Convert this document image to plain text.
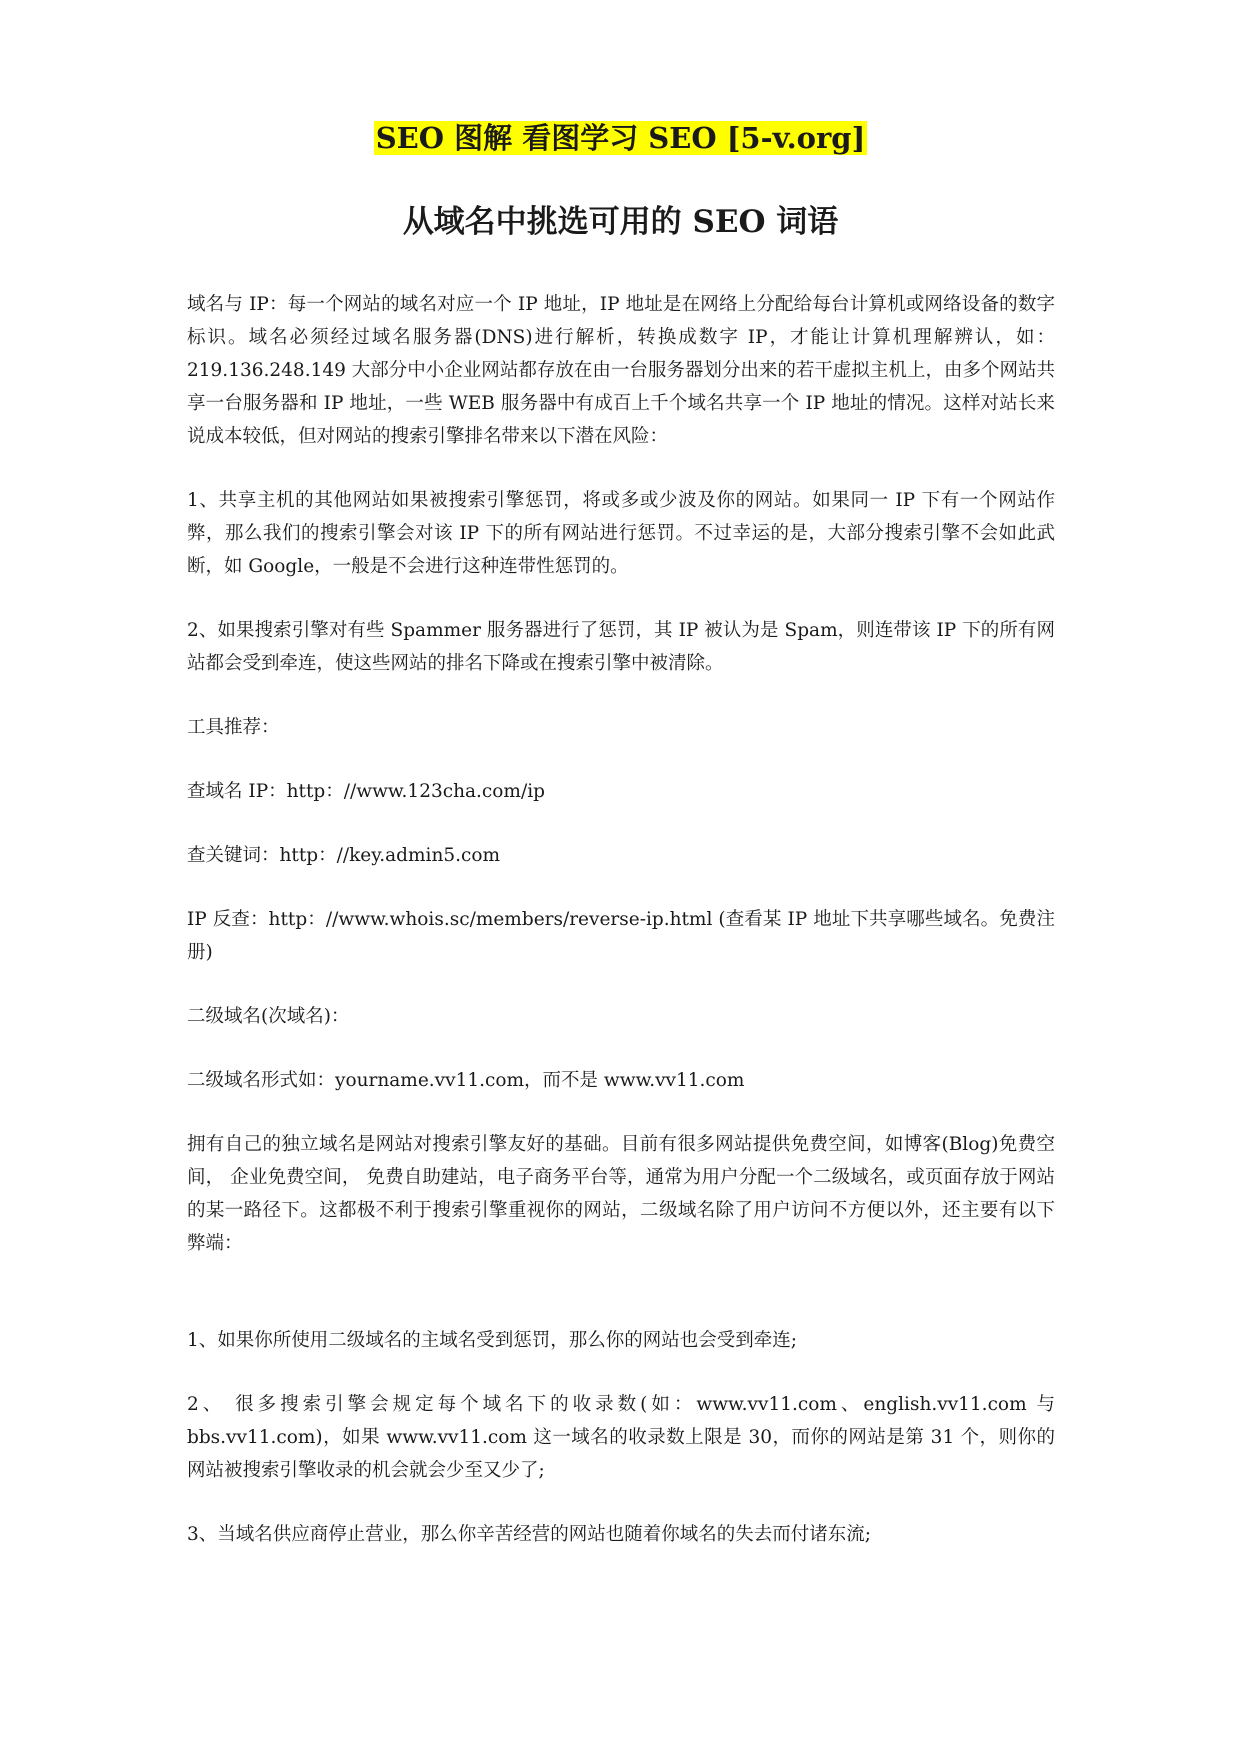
SEO 图解 看图学习 SEO [5-v.org]
从域名中挑选可用的 SEO 词语

域名与 IP：每一个网站的域名对应一个 IP 地址，IP 地址是在网络上分配给每台计算机或网络设备的数字标识。域名必须经过域名服务器(DNS)进行解析，转换成数字 IP，才能让计算机理解辨认，如：219.136.248.149 大部分中小企业网站都存放在由一台服务器划分出来的若干虚拟主机上，由多个网站共享一台服务器和 IP 地址，一些 WEB 服务器中有成百上千个域名共享一个 IP 地址的情况。这样对站长来说成本较低，但对网站的搜索引擎排名带来以下潜在风险：

1、共享主机的其他网站如果被搜索引擎惩罚，将或多或少波及你的网站。如果同一 IP 下有一个网站作弊，那么我们的搜索引擎会对该 IP 下的所有网站进行惩罚。不过幸运的是，大部分搜索引擎不会如此武断，如 Google，一般是不会进行这种连带性惩罚的。

2、如果搜索引擎对有些 Spammer 服务器进行了惩罚，其 IP 被认为是 Spam，则连带该 IP 下的所有网站都会受到牵连，使这些网站的排名下降或在搜索引擎中被清除。

工具推荐：

查域名 IP：http：//www.123cha.com/ip

查关键词：http：//key.admin5.com

IP 反查：http：//www.whois.sc/members/reverse-ip.html (查看某 IP 地址下共享哪些域名。免费注册)

二级域名(次域名)：

二级域名形式如：yourname.vv11.com，而不是 www.vv11.com

拥有自己的独立域名是网站对搜索引擎友好的基础。目前有很多网站提供免费空间，如博客(Blog)免费空间， 企业免费空间， 免费自助建站，电子商务平台等，通常为用户分配一个二级域名，或页面存放于网站的某一路径下。这都极不利于搜索引擎重视你的网站，二级域名除了用户访问不方便以外，还主要有以下弊端：

1、如果你所使用二级域名的主域名受到惩罚，那么你的网站也会受到牵连;

2、 很多搜索引擎会规定每个域名下的收录数(如：www.vv11.com、english.vv11.com 与 bbs.vv11.com)，如果 www.vv11.com 这一域名的收录数上限是 30，而你的网站是第 31 个，则你的网站被搜索引擎收录的机会就会少至又少了;

3、当域名供应商停止营业，那么你辛苦经营的网站也随着你域名的失去而付诸东流;
